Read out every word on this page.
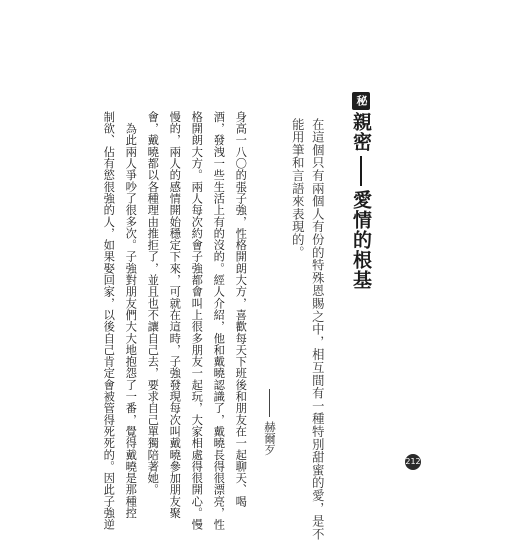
秘親密愛情的根基
在這個只有兩個人有份的特殊恩賜之中，相互間有一種特別甜蜜的愛，是不
能用筆和言語來表現的。
赫爾歹
身高一八〇的張子強，性格開朗大方，喜歡每天下班後和朋友在一起聊天、喝
酒，發洩一些生活上有的沒的。經人介紹，他和戴曉認識了，戴曉長得很漂亮，性
格開朗大方。兩人每次約會子強都會叫上很多朋友一起玩，大家相處得很開心。慢
慢的，兩人的感情開始穩定下來，可就在這時，子強發現每次叫戴曉參加朋友聚
會，戴曉都以各種理由推拒了，並且也不讓自己去，要求自己單獨陪著她。
　為此兩人爭吵了很多次。子強對朋友們大大地抱怨了一番，覺得戴曉是那種控
制欲、佔有慾很強的人，如果娶回家，以後自己肯定會被管得死死的。因此子強逆	212
